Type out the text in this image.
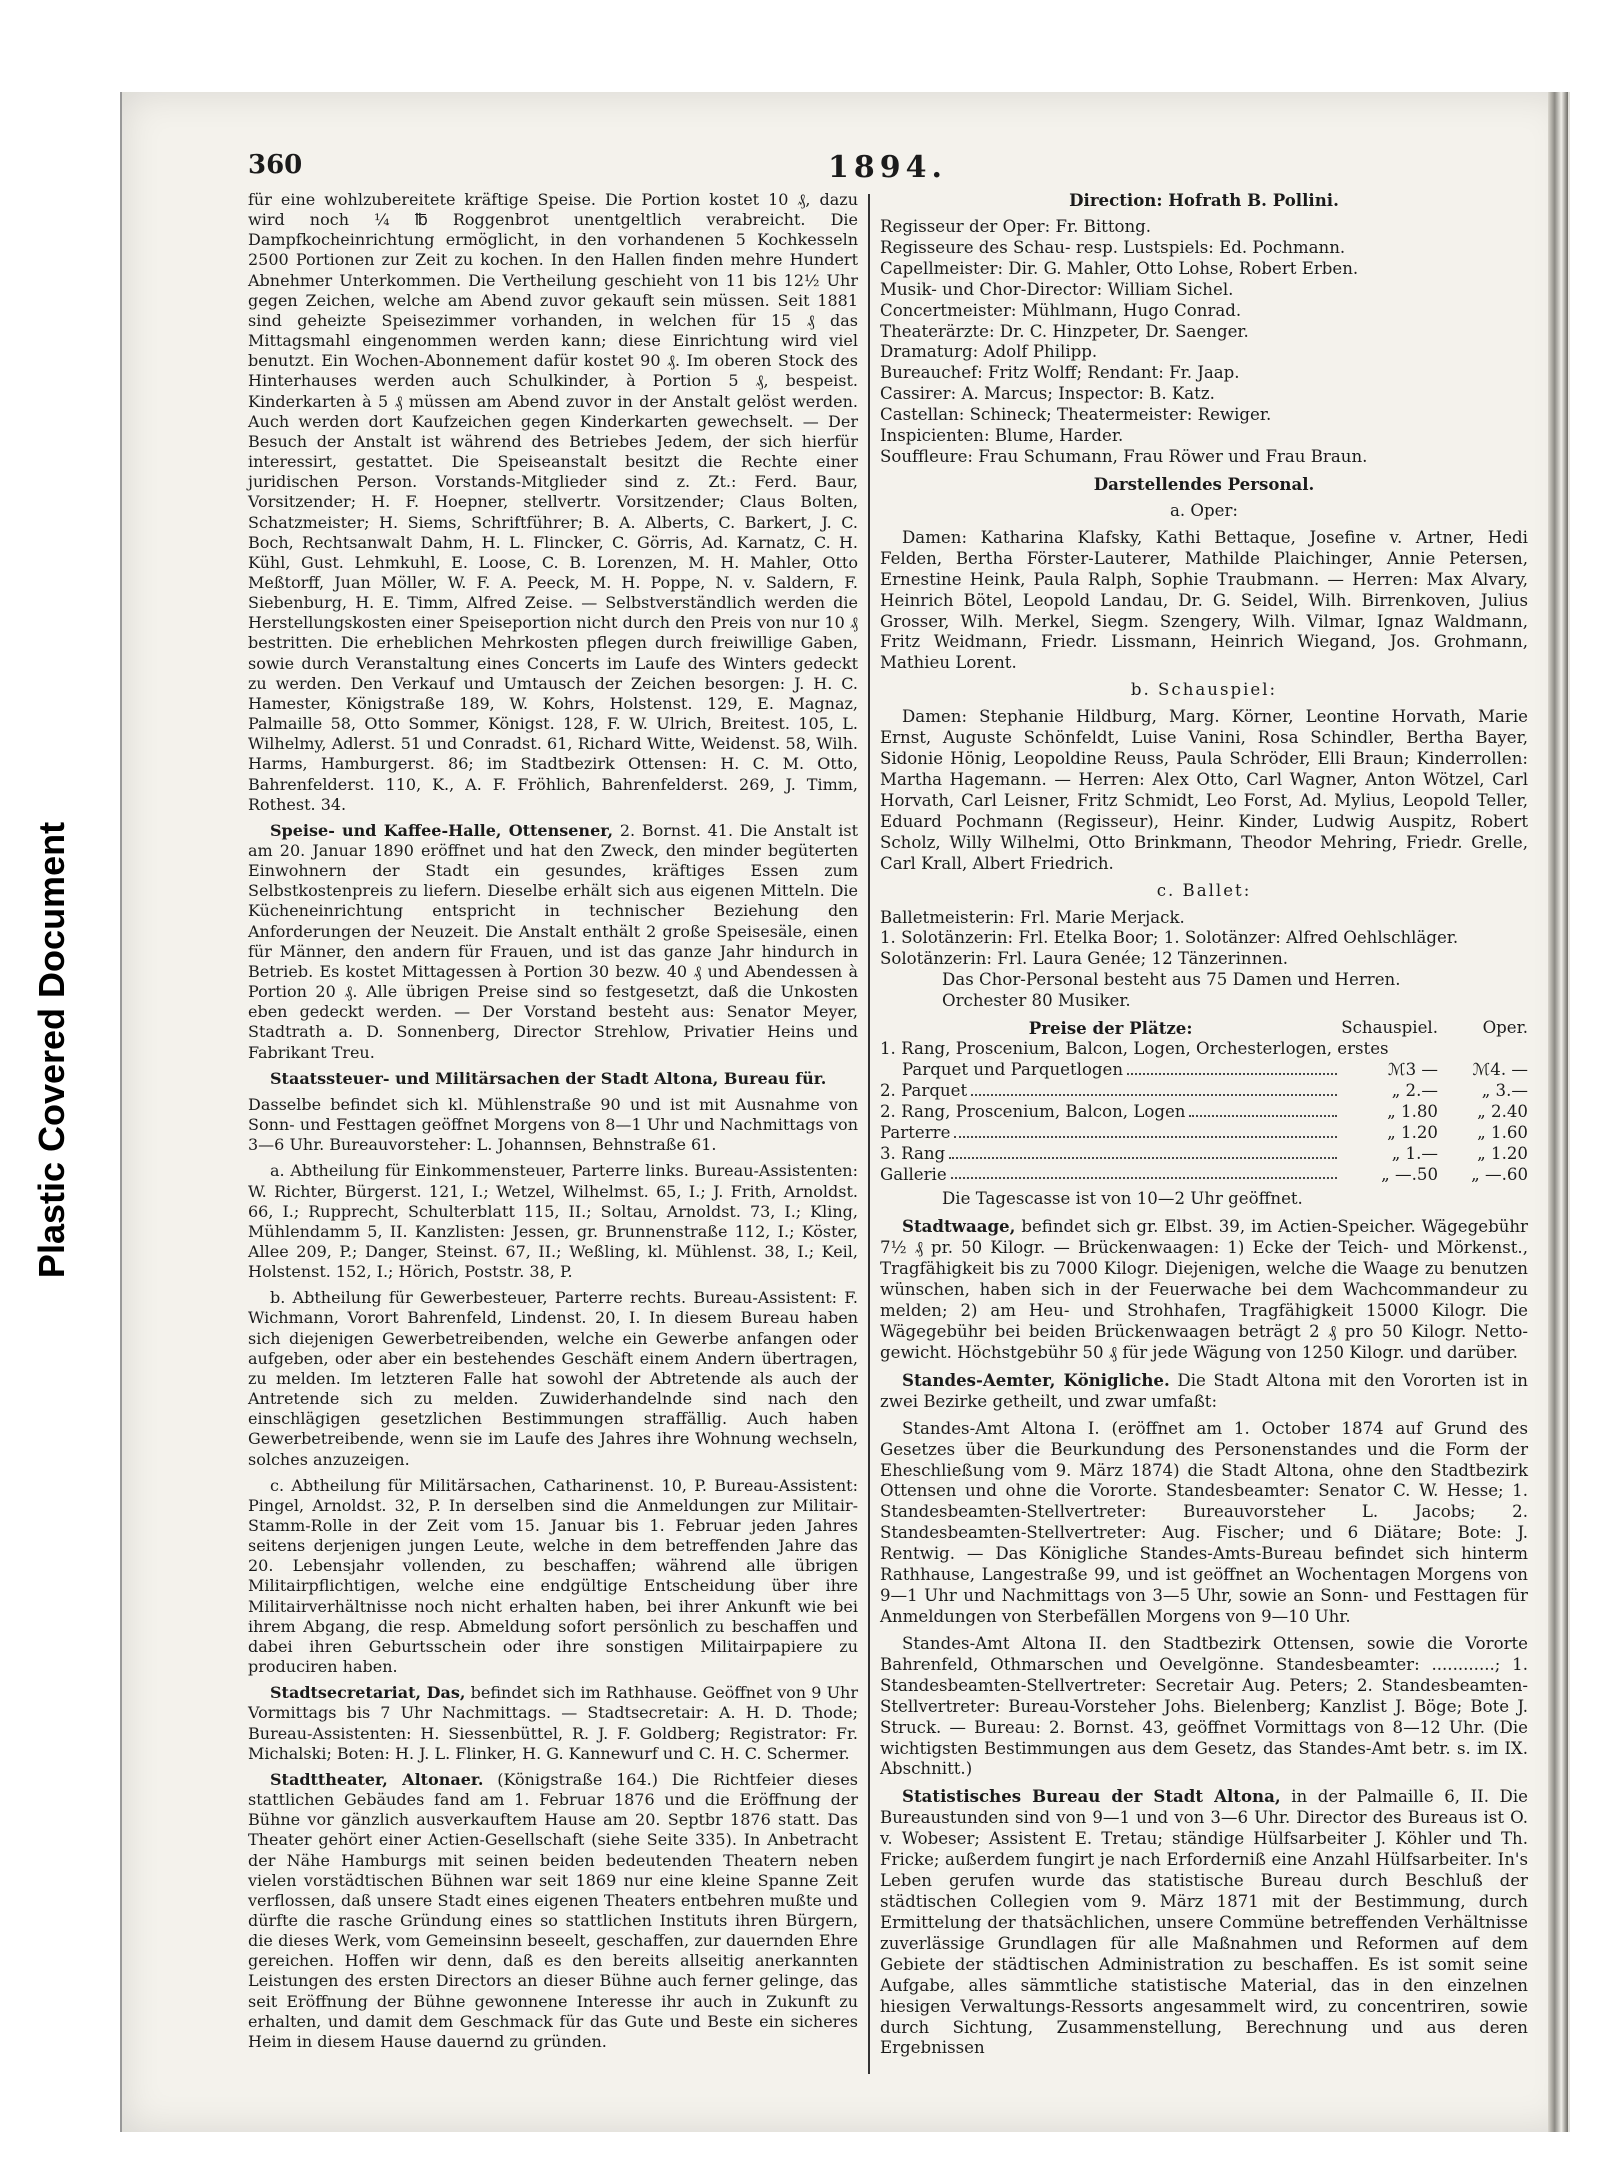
Plastic Covered Document
360	1894.

für eine wohlzubereitete kräftige Speise. Die Portion kostet 10 ₰, dazu wird noch ¼ ℔ Roggenbrot unentgeltlich verabreicht. Die Dampfkocheinrichtung ermöglicht, in den vorhandenen 5 Kochkesseln 2500 Portionen zur Zeit zu kochen. In den Hallen finden mehre Hundert Abnehmer Unterkommen. Die Vertheilung geschieht von 11 bis 12½ Uhr gegen Zeichen, welche am Abend zuvor gekauft sein müssen. Seit 1881 sind geheizte Speisezimmer vorhanden, in welchen für 15 ₰ das Mittagsmahl eingenommen werden kann; diese Einrichtung wird viel benutzt. Ein Wochen-Abonnement dafür kostet 90 ₰. Im oberen Stock des Hinterhauses werden auch Schulkinder, à Portion 5 ₰, bespeist. Kinderkarten à 5 ₰ müssen am Abend zuvor in der Anstalt gelöst werden. Auch werden dort Kaufzeichen gegen Kinderkarten gewechselt. — Der Besuch der Anstalt ist während des Betriebes Jedem, der sich hierfür interessirt, gestattet. Die Speiseanstalt besitzt die Rechte einer juridischen Person. Vorstands-Mitglieder sind z. Zt.: Ferd. Baur, Vorsitzender; H. F. Hoepner, stellvertr. Vorsitzender; Claus Bolten, Schatzmeister; H. Siems, Schriftführer; B. A. Alberts, C. Barkert, J. C. Boch, Rechtsanwalt Dahm, H. L. Flincker, C. Görris, Ad. Karnatz, C. H. Kühl, Gust. Lehmkuhl, E. Loose, C. B. Lorenzen, M. H. Mahler, Otto Meßtorff, Juan Möller, W. F. A. Peeck, M. H. Poppe, N. v. Saldern, F. Siebenburg, H. E. Timm, Alfred Zeise. — Selbstverständlich werden die Herstellungskosten einer Speiseportion nicht durch den Preis von nur 10 ₰ bestritten. Die erheblichen Mehrkosten pflegen durch freiwillige Gaben, sowie durch Veranstaltung eines Concerts im Laufe des Winters gedeckt zu werden. Den Verkauf und Umtausch der Zeichen besorgen: J. H. C. Hamester, Königstraße 189, W. Kohrs, Holstenst. 129, E. Magnaz, Palmaille 58, Otto Sommer, Königst. 128, F. W. Ulrich, Breitest. 105, L. Wilhelmy, Adlerst. 51 und Conradst. 61, Richard Witte, Weidenst. 58, Wilh. Harms, Hamburgerst. 86; im Stadtbezirk Ottensen: H. C. M. Otto, Bahrenfelderst. 110, K., A. F. Fröhlich, Bahrenfelderst. 269, J. Timm, Rothest. 34.

Speise- und Kaffee-Halle, Ottensener, 2. Bornst. 41. Die Anstalt ist am 20. Januar 1890 eröffnet und hat den Zweck, den minder begüterten Einwohnern der Stadt ein gesundes, kräftiges Essen zum Selbstkostenpreis zu liefern. Dieselbe erhält sich aus eigenen Mitteln. Die Kücheneinrichtung entspricht in technischer Beziehung den Anforderungen der Neuzeit. Die Anstalt enthält 2 große Speisesäle, einen für Männer, den andern für Frauen, und ist das ganze Jahr hindurch in Betrieb. Es kostet Mittagessen à Portion 30 bezw. 40 ₰ und Abendessen à Portion 20 ₰. Alle übrigen Preise sind so festgesetzt, daß die Unkosten eben gedeckt werden. — Der Vorstand besteht aus: Senator Meyer, Stadtrath a. D. Sonnenberg, Director Strehlow, Privatier Heins und Fabrikant Treu.

Staatssteuer- und Militärsachen der Stadt Altona, Bureau für.

Dasselbe befindet sich kl. Mühlenstraße 90 und ist mit Ausnahme von Sonn- und Festtagen geöffnet Morgens von 8—1 Uhr und Nachmittags von 3—6 Uhr. Bureauvorsteher: L. Johannsen, Behnstraße 61.

a. Abtheilung für Einkommensteuer, Parterre links. Bureau-Assistenten: W. Richter, Bürgerst. 121, I.; Wetzel, Wilhelmst. 65, I.; J. Frith, Arnoldst. 66, I.; Rupprecht, Schulterblatt 115, II.; Soltau, Arnoldst. 73, I.; Kling, Mühlendamm 5, II. Kanzlisten: Jessen, gr. Brunnenstraße 112, I.; Köster, Allee 209, P.; Danger, Steinst. 67, II.; Weßling, kl. Mühlenst. 38, I.; Keil, Holstenst. 152, I.; Hörich, Poststr. 38, P.

b. Abtheilung für Gewerbesteuer, Parterre rechts. Bureau-Assistent: F. Wichmann, Vorort Bahrenfeld, Lindenst. 20, I. In diesem Bureau haben sich diejenigen Gewerbetreibenden, welche ein Gewerbe anfangen oder aufgeben, oder aber ein bestehendes Geschäft einem Andern übertragen, zu melden. Im letzteren Falle hat sowohl der Abtretende als auch der Antretende sich zu melden. Zuwiderhandelnde sind nach den einschlägigen gesetzlichen Bestimmungen straffällig. Auch haben Gewerbetreibende, wenn sie im Laufe des Jahres ihre Wohnung wechseln, solches anzuzeigen.

c. Abtheilung für Militärsachen, Catharinenst. 10, P. Bureau-Assistent: Pingel, Arnoldst. 32, P. In derselben sind die Anmeldungen zur Militair-Stamm-Rolle in der Zeit vom 15. Januar bis 1. Februar jeden Jahres seitens derjenigen jungen Leute, welche in dem betreffenden Jahre das 20. Lebensjahr vollenden, zu beschaffen; während alle übrigen Militairpflichtigen, welche eine endgültige Entscheidung über ihre Militairverhältnisse noch nicht erhalten haben, bei ihrer Ankunft wie bei ihrem Abgang, die resp. Abmeldung sofort persönlich zu beschaffen und dabei ihren Geburtsschein oder ihre sonstigen Militairpapiere zu produciren haben.

Stadtsecretariat, Das, befindet sich im Rathhause. Geöffnet von 9 Uhr Vormittags bis 7 Uhr Nachmittags. — Stadtsecretair: A. H. D. Thode; Bureau-Assistenten: H. Siessenbüttel, R. J. F. Goldberg; Registrator: Fr. Michalski; Boten: H. J. L. Flinker, H. G. Kannewurf und C. H. C. Schermer.

Stadttheater, Altonaer. (Königstraße 164.) Die Richtfeier dieses stattlichen Gebäudes fand am 1. Februar 1876 und die Eröffnung der Bühne vor gänzlich ausverkauftem Hause am 20. Septbr 1876 statt. Das Theater gehört einer Actien-Gesellschaft (siehe Seite 335). In Anbetracht der Nähe Hamburgs mit seinen beiden bedeutenden Theatern neben vielen vorstädtischen Bühnen war seit 1869 nur eine kleine Spanne Zeit verflossen, daß unsere Stadt eines eigenen Theaters entbehren mußte und dürfte die rasche Gründung eines so stattlichen Instituts ihren Bürgern, die dieses Werk, vom Gemeinsinn beseelt, geschaffen, zur dauernden Ehre gereichen. Hoffen wir denn, daß es den bereits allseitig anerkannten Leistungen des ersten Directors an dieser Bühne auch ferner gelinge, das seit Eröffnung der Bühne gewonnene Interesse ihr auch in Zukunft zu erhalten, und damit dem Geschmack für das Gute und Beste ein sicheres Heim in diesem Hause dauernd zu gründen.

Direction: Hofrath B. Pollini.

Regisseur der Oper: Fr. Bittong.
Regisseure des Schau- resp. Lustspiels: Ed. Pochmann.
Capellmeister: Dir. G. Mahler, Otto Lohse, Robert Erben.
Musik- und Chor-Director: William Sichel.
Concertmeister: Mühlmann, Hugo Conrad.
Theaterärzte: Dr. C. Hinzpeter, Dr. Saenger.
Dramaturg: Adolf Philipp.
Bureauchef: Fritz Wolff; Rendant: Fr. Jaap.
Cassirer: A. Marcus; Inspector: B. Katz.
Castellan: Schineck; Theatermeister: Rewiger.
Inspicienten: Blume, Harder.
Souffleure: Frau Schumann, Frau Röwer und Frau Braun.

Darstellendes Personal.

a. Oper:

Damen: Katharina Klafsky, Kathi Bettaque, Josefine v. Artner, Hedi Felden, Bertha Förster-Lauterer, Mathilde Plaichinger, Annie Petersen, Ernestine Heink, Paula Ralph, Sophie Traubmann. — Herren: Max Alvary, Heinrich Bötel, Leopold Landau, Dr. G. Seidel, Wilh. Birrenkoven, Julius Grosser, Wilh. Merkel, Siegm. Szengery, Wilh. Vilmar, Ignaz Waldmann, Fritz Weidmann, Friedr. Lissmann, Heinrich Wiegand, Jos. Grohmann, Mathieu Lorent.

b. Schauspiel:

Damen: Stephanie Hildburg, Marg. Körner, Leontine Horvath, Marie Ernst, Auguste Schönfeldt, Luise Vanini, Rosa Schindler, Bertha Bayer, Sidonie Hönig, Leopoldine Reuss, Paula Schröder, Elli Braun; Kinderrollen: Martha Hagemann. — Herren: Alex Otto, Carl Wagner, Anton Wötzel, Carl Horvath, Carl Leisner, Fritz Schmidt, Leo Forst, Ad. Mylius, Leopold Teller, Eduard Pochmann (Regisseur), Heinr. Kinder, Ludwig Auspitz, Robert Scholz, Willy Wilhelmi, Otto Brinkmann, Theodor Mehring, Friedr. Grelle, Carl Krall, Albert Friedrich.

c. Ballet:

Balletmeisterin: Frl. Marie Merjack.
1. Solotänzerin: Frl. Etelka Boor; 1. Solotänzer: Alfred Oehlschläger.
Solotänzerin: Frl. Laura Genée; 12 Tänzerinnen.
Das Chor-Personal besteht aus 75 Damen und Herren.
Orchester 80 Musiker.
Preise der Plätze:	Schauspiel.	Oper.
1. Rang, Proscenium, Balcon, Logen, Orchesterlogen, erstes		

Parquet und Parquetlogen	ℳ3 —	ℳ4. —

2. Parquet	„ 2.—	„ 3.—

2. Rang, Proscenium, Balcon, Logen	„ 1.80	„ 2.40

Parterre	„ 1.20	„ 1.60

3. Rang	„ 1.—	„ 1.20

Gallerie	„ —.50	„ —.60

Die Tagescasse ist von 10—2 Uhr geöffnet.

Stadtwaage, befindet sich gr. Elbst. 39, im Actien-Speicher. Wägegebühr 7½ ₰ pr. 50 Kilogr. — Brückenwaagen: 1) Ecke der Teich- und Mörkenst., Tragfähigkeit bis zu 7000 Kilogr. Diejenigen, welche die Waage zu benutzen wünschen, haben sich in der Feuerwache bei dem Wachcommandeur zu melden; 2) am Heu- und Strohhafen, Tragfähigkeit 15000 Kilogr. Die Wägegebühr bei beiden Brückenwaagen beträgt 2 ₰ pro 50 Kilogr. Netto-gewicht. Höchstgebühr 50 ₰ für jede Wägung von 1250 Kilogr. und darüber.

Standes-Aemter, Königliche. Die Stadt Altona mit den Vororten ist in zwei Bezirke getheilt, und zwar umfaßt:

Standes-Amt Altona I. (eröffnet am 1. October 1874 auf Grund des Gesetzes über die Beurkundung des Personenstandes und die Form der Eheschließung vom 9. März 1874) die Stadt Altona, ohne den Stadtbezirk Ottensen und ohne die Vororte. Standesbeamter: Senator C. W. Hesse; 1. Standesbeamten-Stellvertreter: Bureauvorsteher L. Jacobs; 2. Standesbeamten-Stellvertreter: Aug. Fischer; und 6 Diätare; Bote: J. Rentwig. — Das Königliche Standes-Amts-Bureau befindet sich hinterm Rathhause, Langestraße 99, und ist geöffnet an Wochentagen Morgens von 9—1 Uhr und Nachmittags von 3—5 Uhr, sowie an Sonn- und Festtagen für Anmeldungen von Sterbefällen Morgens von 9—10 Uhr.

Standes-Amt Altona II. den Stadtbezirk Ottensen, sowie die Vororte Bahrenfeld, Othmarschen und Oevelgönne. Standesbeamter: ............; 1. Standesbeamten-Stellvertreter: Secretair Aug. Peters; 2. Standesbeamten-Stellvertreter: Bureau-Vorsteher Johs. Bielenberg; Kanzlist J. Böge; Bote J. Struck. — Bureau: 2. Bornst. 43, geöffnet Vormittags von 8—12 Uhr. (Die wichtigsten Bestimmungen aus dem Gesetz, das Standes-Amt betr. s. im IX. Abschnitt.)

Statistisches Bureau der Stadt Altona, in der Palmaille 6, II. Die Bureaustunden sind von 9—1 und von 3—6 Uhr. Director des Bureaus ist O. v. Wobeser; Assistent E. Tretau; ständige Hülfsarbeiter J. Köhler und Th. Fricke; außerdem fungirt je nach Erforderniß eine Anzahl Hülfsarbeiter. In's Leben gerufen wurde das statistische Bureau durch Beschluß der städtischen Collegien vom 9. März 1871 mit der Bestimmung, durch Ermittelung der thatsächlichen, unsere Commüne betreffenden Verhältnisse zuverlässige Grundlagen für alle Maßnahmen und Reformen auf dem Gebiete der städtischen Administration zu beschaffen. Es ist somit seine Aufgabe, alles sämmtliche statistische Material, das in den einzelnen hiesigen Verwaltungs-Ressorts angesammelt wird, zu concentriren, sowie durch Sichtung, Zusammenstellung, Berechnung und aus deren Ergebnissen
